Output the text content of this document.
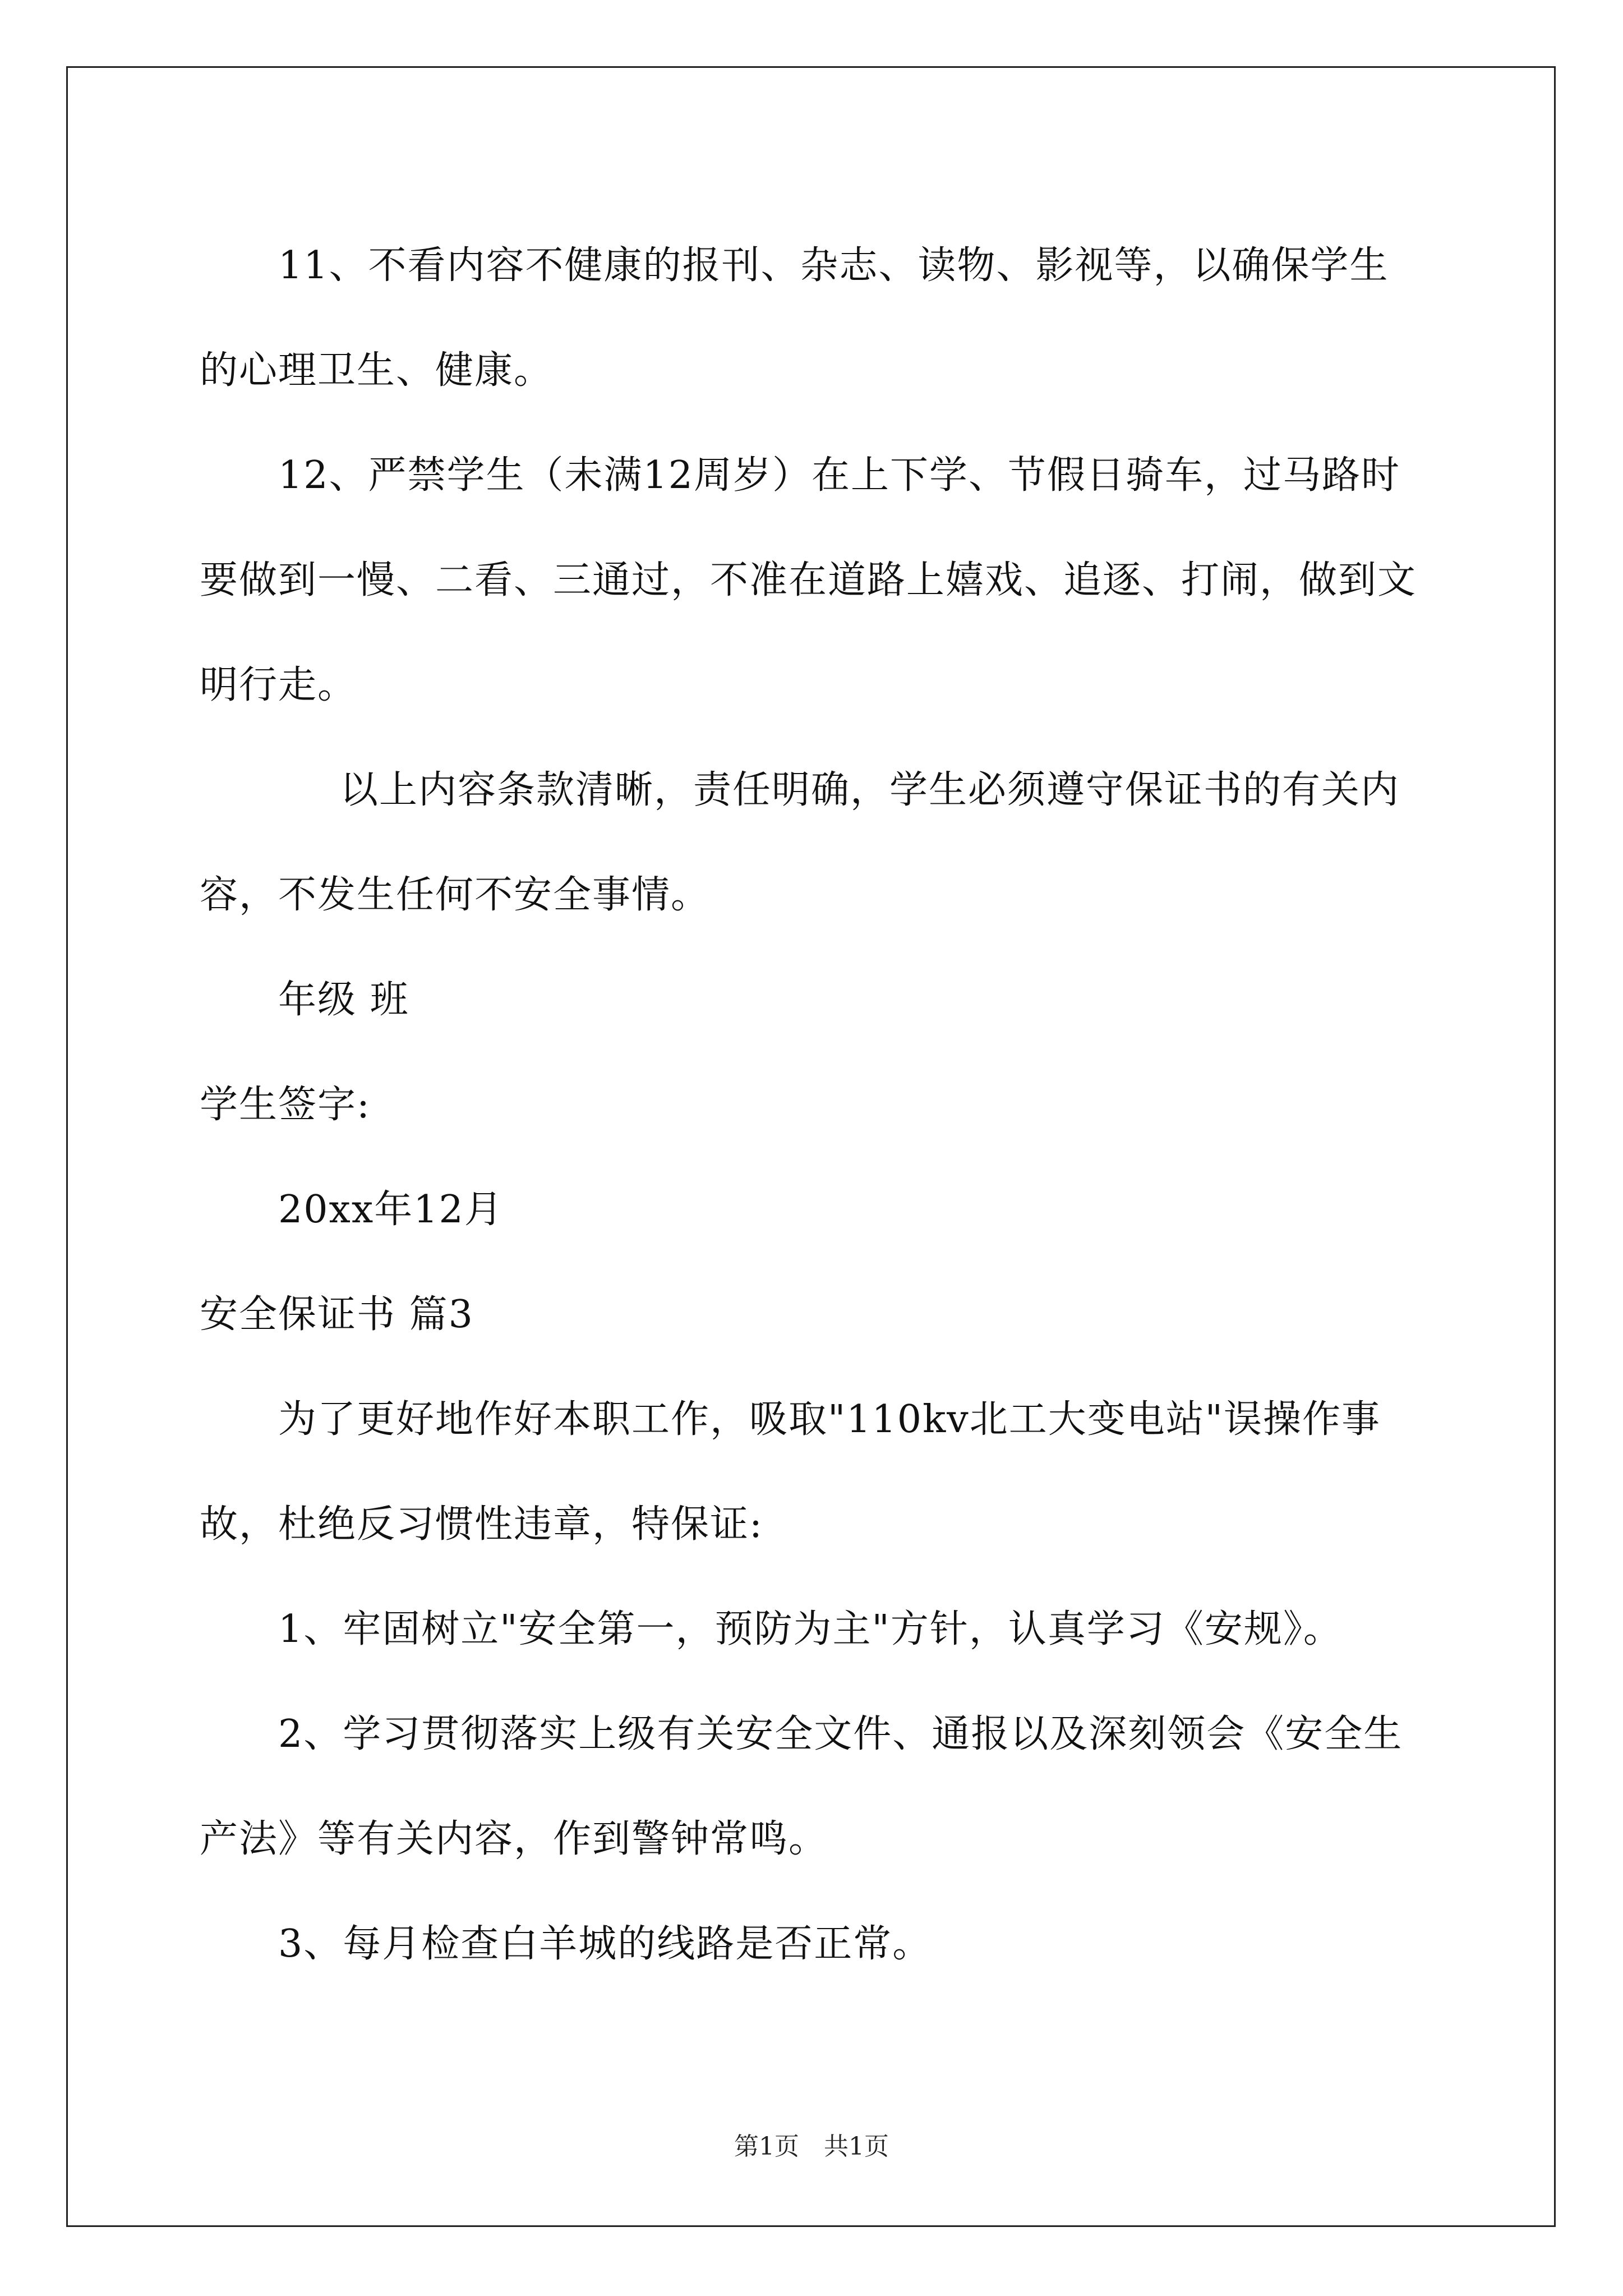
11、不看内容不健康的报刊、杂志、读物、影视等，以确保学生的心理卫生、健康。

12、严禁学生（未满12周岁）在上下学、节假日骑车，过马路时要做到一慢、二看、三通过，不准在道路上嬉戏、追逐、打闹，做到文明行走。

以上内容条款清晰，责任明确，学生必须遵守保证书的有关内容，不发生任何不安全事情。

年级 班

学生签字:

20xx年12月

安全保证书 篇3

为了更好地作好本职工作，吸取"110kv北工大变电站"误操作事故，杜绝反习惯性违章，特保证:

1、牢固树立"安全第一，预防为主"方针，认真学习《安规》。

2、学习贯彻落实上级有关安全文件、通报以及深刻领会《安全生产法》等有关内容，作到警钟常鸣。

3、每月检查白羊城的线路是否正常。

第1页　共1页
